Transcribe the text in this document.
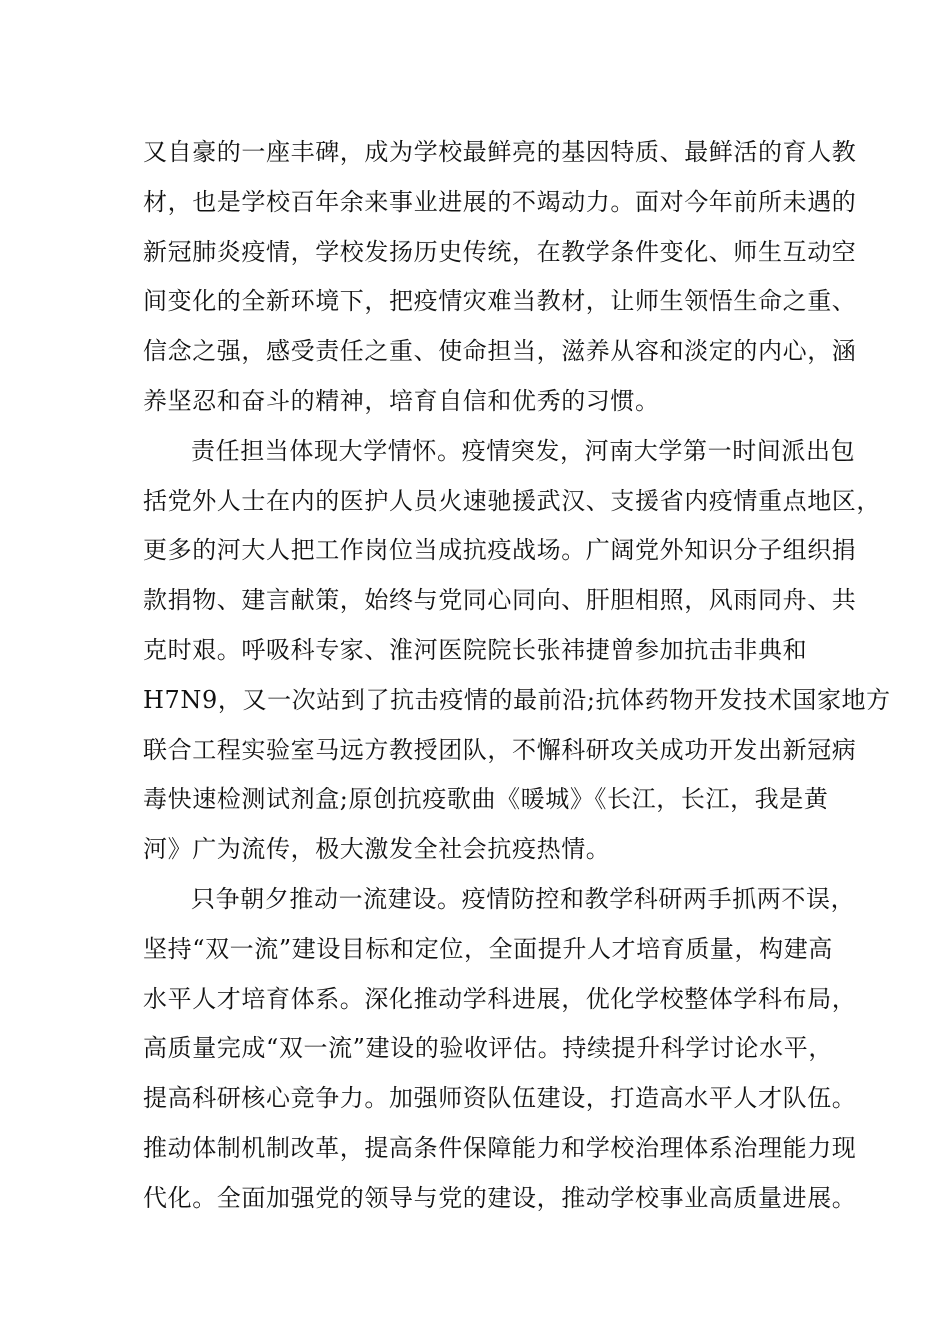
又自豪的一座丰碑，成为学校最鲜亮的基因特质、最鲜活的育人教
材，也是学校百年余来事业进展的不竭动力。面对今年前所未遇的
新冠肺炎疫情，学校发扬历史传统，在教学条件变化、师生互动空
间变化的全新环境下，把疫情灾难当教材，让师生领悟生命之重、
信念之强，感受责任之重、使命担当，滋养从容和淡定的内心，涵
养坚忍和奋斗的精神，培育自信和优秀的习惯。
责任担当体现大学情怀。疫情突发，河南大学第一时间派出包
括党外人士在内的医护人员火速驰援武汉、支援省内疫情重点地区，
更多的河大人把工作岗位当成抗疫战场。广阔党外知识分子组织捐
款捐物、建言献策，始终与党同心同向、肝胆相照，风雨同舟、共
克时艰。呼吸科专家、淮河医院院长张祎捷曾参加抗击非典和
H7N9，又一次站到了抗击疫情的最前沿;抗体药物开发技术国家地方
联合工程实验室马远方教授团队，不懈科研攻关成功开发出新冠病
毒快速检测试剂盒;原创抗疫歌曲《暖城》《长江，长江，我是黄
河》广为流传，极大激发全社会抗疫热情。
只争朝夕推动一流建设。疫情防控和教学科研两手抓两不误，
坚持“双一流”建设目标和定位，全面提升人才培育质量，构建高
水平人才培育体系。深化推动学科进展，优化学校整体学科布局，
高质量完成“双一流”建设的验收评估。持续提升科学讨论水平，
提高科研核心竞争力。加强师资队伍建设，打造高水平人才队伍。
推动体制机制改革，提高条件保障能力和学校治理体系治理能力现
代化。全面加强党的领导与党的建设，推动学校事业高质量进展。
